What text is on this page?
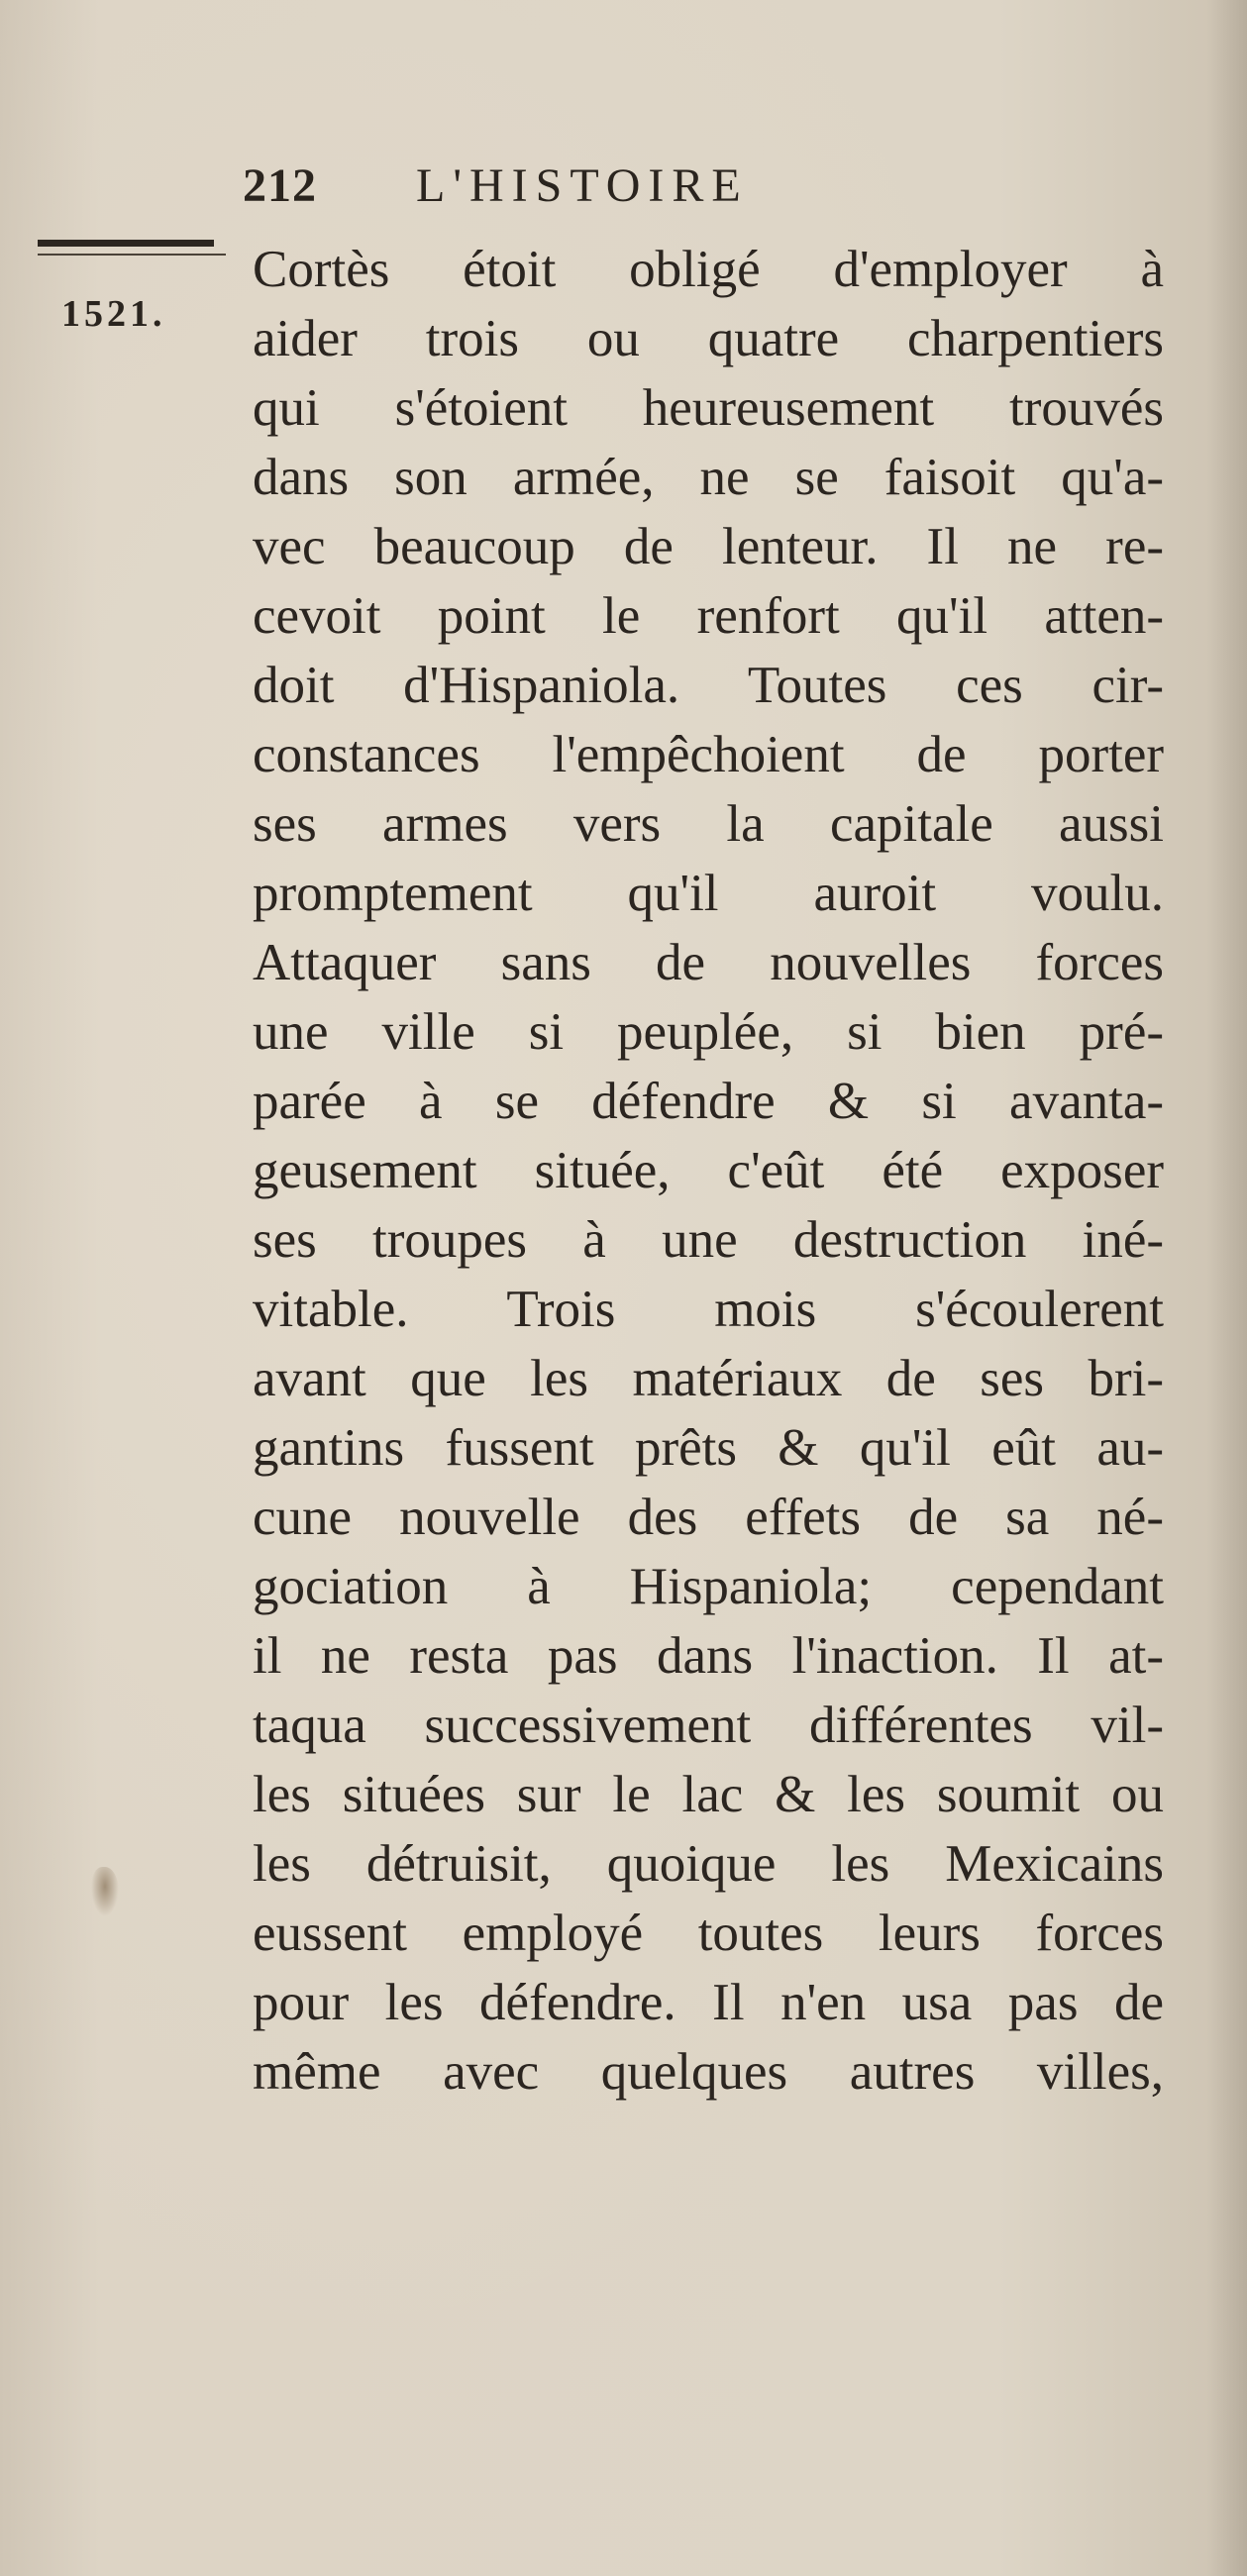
212 L'HISTOIRE
1521.
Cortès étoit obligé d'employer à
aider trois ou quatre charpentiers
qui s'étoient heureusement trouvés
dans son armée, ne se faisoit qu'a-
vec beaucoup de lenteur. Il ne re-
cevoit point le renfort qu'il atten-
doit d'Hispaniola. Toutes ces cir-
constances l'empêchoient de porter
ses armes vers la capitale aussi
promptement qu'il auroit voulu.
Attaquer sans de nouvelles forces
une ville si peuplée, si bien pré-
parée à se défendre & si avanta-
geusement située, c'eût été exposer
ses troupes à une destruction iné-
vitable. Trois mois s'écoulerent
avant que les matériaux de ses bri-
gantins fussent prêts & qu'il eût au-
cune nouvelle des effets de sa né-
gociation à Hispaniola; cependant
il ne resta pas dans l'inaction. Il at-
taqua successivement différentes vil-
les situées sur le lac & les soumit ou
les détruisit, quoique les Mexicains
eussent employé toutes leurs forces
pour les défendre. Il n'en usa pas de
même avec quelques autres villes,
